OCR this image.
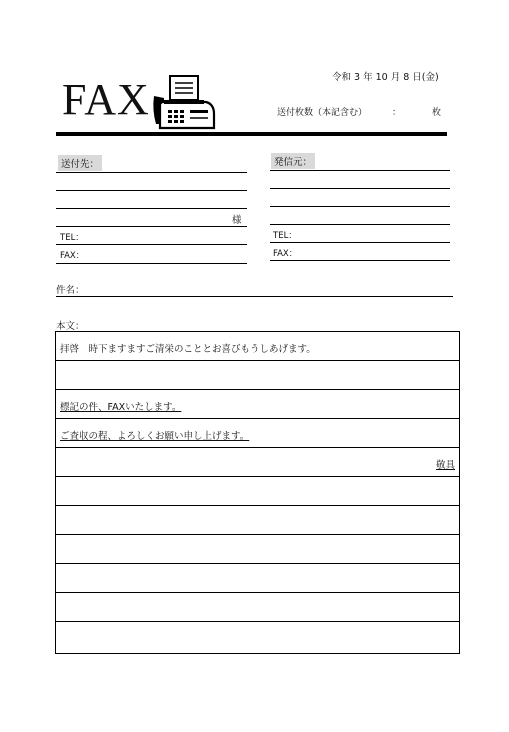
FAX	令和 3 年 10 月 8 日(金)
送付枚数（本記含む）	：	枚
送付先：
様
TEL：
FAX：
発信元：
TEL：
FAX：
件名：
本文：
拝啓　時下ますますご清栄のこととお喜びもうしあげます。
標記の件、FAXいたします。
ご査収の程、よろしくお願い申し上げます。
敬具
